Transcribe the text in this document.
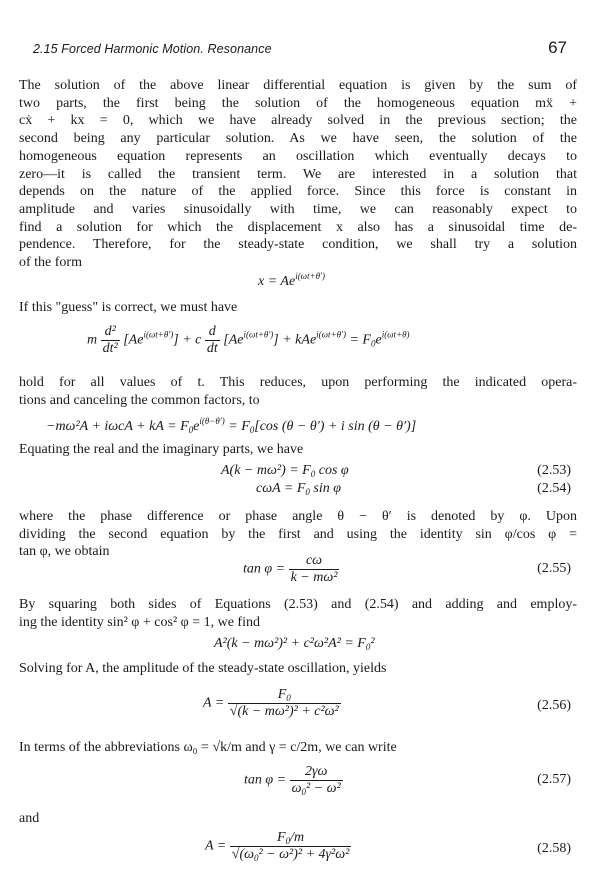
2.15 Forced Harmonic Motion. Resonance	67
The solution of the above linear differential equation is given by the sum of
two parts, the first being the solution of the homogeneous equation mẍ +
cẋ + kx = 0, which we have already solved in the previous section; the
second being any particular solution. As we have seen, the solution of the
homogeneous equation represents an oscillation which eventually decays to
zero—it is called the transient term. We are interested in a solution that
depends on the nature of the applied force. Since this force is constant in
amplitude and varies sinusoidally with time, we can reasonably expect to
find a solution for which the displacement x also has a sinusoidal time de-
pendence. Therefore, for the steady-state condition, we shall try a solution
of the form
$x = Ae^{i(\omega t+\theta')}$
If this "guess" is correct, we must have
m $\frac{\text{d²}}{\text{dt²}} [Ae^{i(\omega t+\theta')}] + c \frac{d}{dt} [Ae^{i(\omega t+\theta')}] + kAe^{i(\omega t+\theta')} = F_0e^{i(\omega t+\theta)}$
hold for all values of t. This reduces, upon performing the indicated opera-
tions and canceling the common factors, to
−mω²A + iωcA + kA = $F_0e^{i(\theta-\theta')} = F_0[\cos$ (θ − θ′) + i sin (θ − θ′)]
Equating the real and the imaginary parts, we have
$A(k - m\omega^2) = F_0$ cos φ	(2.53)
$c\omega A = F_0$ sin φ	(2.54)
where the phase difference or phase angle θ − θ′ is denoted by φ. Upon
dividing the second equation by the first and using the identity sin φ/cos φ =
tan φ, we obtain
$\tan \varphi = \frac{c\omega}{\text{k − mω²}}$	(2.55)
By squaring both sides of Equations (2.53) and (2.54) and adding and employ-
ing the identity sin² φ + cos² φ = 1, we find
$A^2(k - m\omega^2)^2 + c^2\omega^2A^2 = F_0^2$
Solving for A, the amplitude of the steady-state oscillation, yields
$A = \frac{F_0}{\text{√(k − mω²)² + c²ω²}}$	(2.56)
In terms of the abbreviations ω₀ = √k/m and γ = c/2m, we can write
$\tan \varphi = \frac{2\gamma\omega}{\omega_0^2 - \omega^2}$	(2.57)
and
$A = \frac{F_0/m}{√(\omega_0^2 - \omega^2)^2 + 4\gamma^2\omega^2}$	(2.58)
